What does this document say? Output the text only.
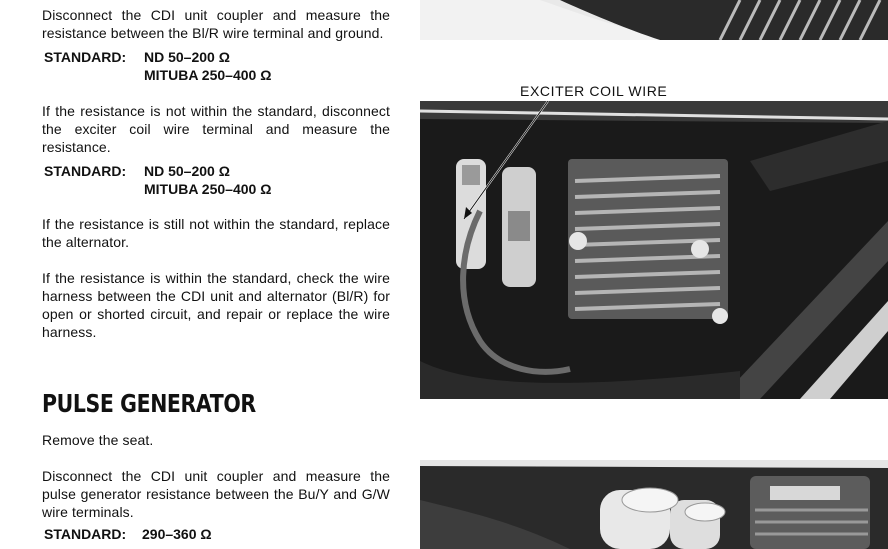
Disconnect the CDI unit coupler and measure the resistance between the Bl/R wire terminal and ground.

STANDARD:	ND 50–200 Ω
MITUBA 250–400 Ω

If the resistance is not within the standard, disconnect the exciter coil wire terminal and measure the resistance.

STANDARD:	ND 50–200 Ω
MITUBA 250–400 Ω

If the resistance is still not within the standard, replace the alternator.

If the resistance is within the standard, check the wire harness between the CDI unit and alternator (Bl/R) for open or shorted circuit, and repair or replace the wire harness.

PULSE GENERATOR

Remove the seat.

Disconnect the CDI unit coupler and measure the pulse generator resistance between the Bu/Y and G/W wire terminals.

STANDARD:	290–360 Ω
EXCITER COIL WIRE
